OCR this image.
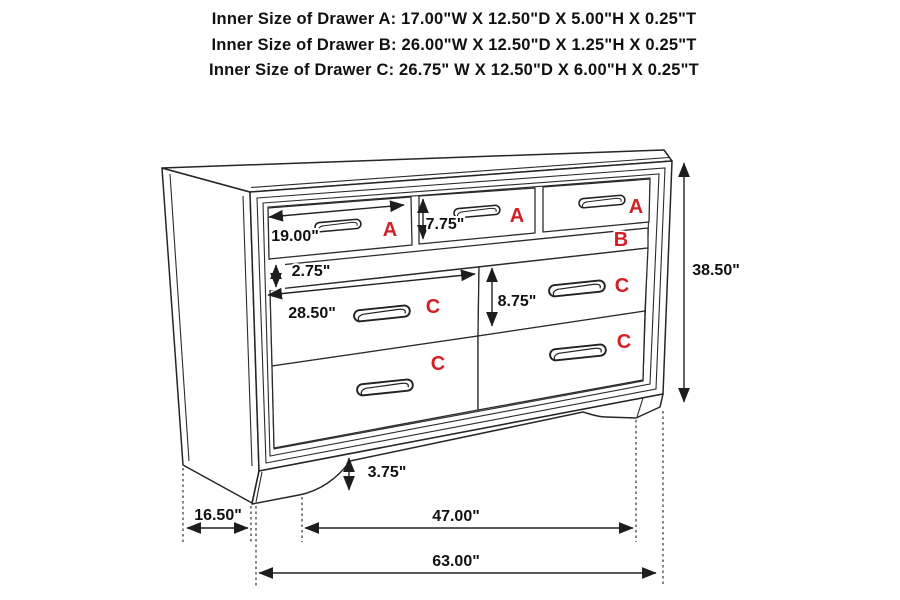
Inner Size of Drawer A: 17.00"W X 12.50"D X 5.00"H X 0.25"T
Inner Size of Drawer B: 26.00"W X 12.50"D X 1.25"H X 0.25"T
Inner Size of Drawer C: 26.75" W X 12.50"D X 6.00"H X 0.25"T
A
A	A
B
C
C
C
C
19.00"
7.75"
2.75"
28.50"
8.75"
38.50"
3.75"
16.50"	47.00"
63.00"
